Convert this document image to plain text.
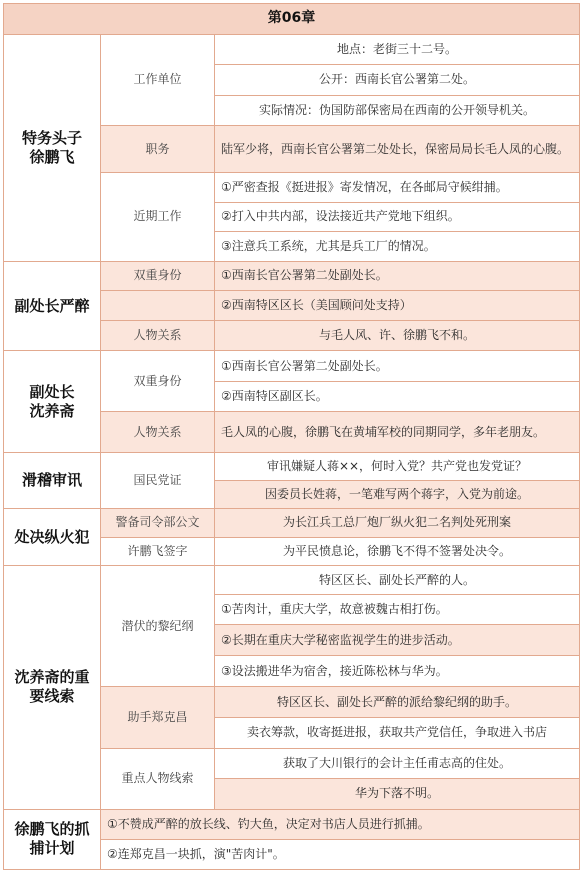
第06章		
特务头子
徐鹏飞	工作单位	地点：老街三十二号。
		公开：西南长官公署第二处。
		实际情况：伪国防部保密局在西南的公开领导机关。
	职务	陆军少将，西南长官公署第二处处长，保密局局长毛人凤的心腹。
	近期工作	①严密查报《挺进报》寄发情况，在各邮局守候绀捕。
		②打入中共内部，设法接近共产党地下组织。
		③注意兵工系统，尤其是兵工厂的情况。
副处长严醉	双重身份	①西南长官公署第二处副处长。
		②西南特区区长（美国顾问处支持）
	人物关系	与毛人风、许、徐鹏飞不和。
副处长
沈养斋	双重身份	①西南长官公署第二处副处长。
		②西南特区副区长。
	人物关系	毛人凤的心腹，徐鹏飞在黄埔军校的同期同学，多年老朋友。
滑稽审讯	国民党证	审讯嫌疑人蒋××，何时入党？共产党也发党证？
		因委员长姓蒋，一笔难写两个蒋字，入党为前途。
处决纵火犯	警备司令部公文	为长江兵工总厂炮厂纵火犯二名判处死刑案
	许鹏飞签字	为平民愤息论，徐鹏飞不得不签署处决令。
沈养斋的重
要线索	潜伏的黎纪纲	特区区长、副处长严醉的人。
		①苦肉计，重庆大学，故意被魏古相打伤。
		②长期在重庆大学秘密监视学生的进步活动。
		③设法搬进华为宿舍，接近陈松林与华为。
	助手郑克昌	特区区长、副处长严醉的派给黎纪纲的助手。
		卖衣筹款，收寄挺进报，获取共产党信任，争取进入书店
	重点人物线索	获取了大川银行的会计主任甫志高的住处。
		华为下落不明。
徐鹏飞的抓
捕计划	①不赞成严醉的放长线、钓大鱼，决定对书店人员进行抓捕。	
	②连郑克昌一块抓，演"苦肉计"。	
